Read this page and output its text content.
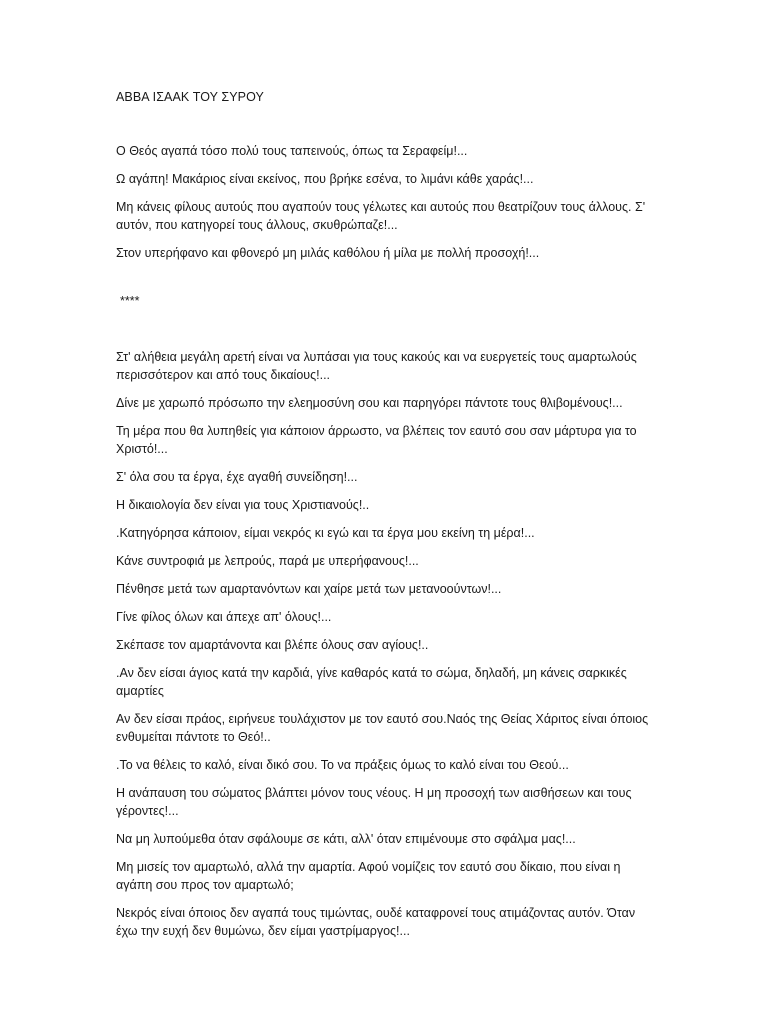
ΑΒΒΑ ΙΣΑΑΚ ΤΟΥ ΣΥΡΟΥ

Ο Θεός αγαπά τόσο πολύ τους ταπεινούς, όπως τα Σεραφείμ!...

Ω αγάπη! Μακάριος είναι εκείνος, που βρήκε εσένα, το λιμάνι κάθε χαράς!...

Μη κάνεις φίλους αυτούς που αγαπούν τους γέλωτες και αυτούς που θεατρίζουν τους άλλους. Σ' αυτόν, που κατηγορεί τους άλλους, σκυθρώπαζε!...

Στον υπερήφανο και φθονερό μη μιλάς καθόλου ή μίλα με πολλή προσοχή!...

****

Στ' αλήθεια μεγάλη αρετή είναι να λυπάσαι για τους κακούς και να ευεργετείς τους αμαρτωλούς περισσότερον και από τους δικαίους!...

Δίνε με χαρωπό πρόσωπο την ελεημοσύνη σου και παρηγόρει πάντοτε τους θλιβομένους!...

Τη μέρα που θα λυπηθείς για κάποιον άρρωστο, να βλέπεις τον εαυτό σου σαν μάρτυρα για το Χριστό!...

Σ' όλα σου τα έργα, έχε αγαθή συνείδηση!...

Η δικαιολογία δεν είναι για τους Χριστιανούς!..

.Κατηγόρησα κάποιον, είμαι νεκρός κι εγώ και τα έργα μου εκείνη τη μέρα!...

Κάνε συντροφιά με λεπρούς, παρά με υπερήφανους!...

Πένθησε μετά των αμαρτανόντων και χαίρε μετά των μετανοούντων!...

Γίνε φίλος όλων και άπεχε απ' όλους!...

Σκέπασε τον αμαρτάνοντα και βλέπε όλους σαν αγίους!..

.Αν δεν είσαι άγιος κατά την καρδιά, γίνε καθαρός κατά το σώμα, δηλαδή, μη κάνεις σαρκικές αμαρτίες

Αν δεν είσαι πράος, ειρήνευε τουλάχιστον με τον εαυτό σου.Ναός της Θείας Χάριτος είναι όποιος ενθυμείται πάντοτε το Θεό!..

.Το να θέλεις το καλό, είναι δικό σου. Το να πράξεις όμως το καλό είναι του Θεού...

Η ανάπαυση του σώματος βλάπτει μόνον τους νέους. Η μη προσοχή των αισθήσεων και τους γέροντες!...

Να μη λυπούμεθα όταν σφάλουμε σε κάτι, αλλ' όταν επιμένουμε στο σφάλμα μας!...

Μη μισείς τον αμαρτωλό, αλλά την αμαρτία. Αφού νομίζεις τον εαυτό σου δίκαιο, που είναι η αγάπη σου προς τον αμαρτωλό;

Νεκρός είναι όποιος δεν αγαπά τους τιμώντας, ουδέ καταφρονεί τους ατιμάζοντας αυτόν. Όταν έχω την ευχή δεν θυμώνω, δεν είμαι γαστρίμαργος!...
